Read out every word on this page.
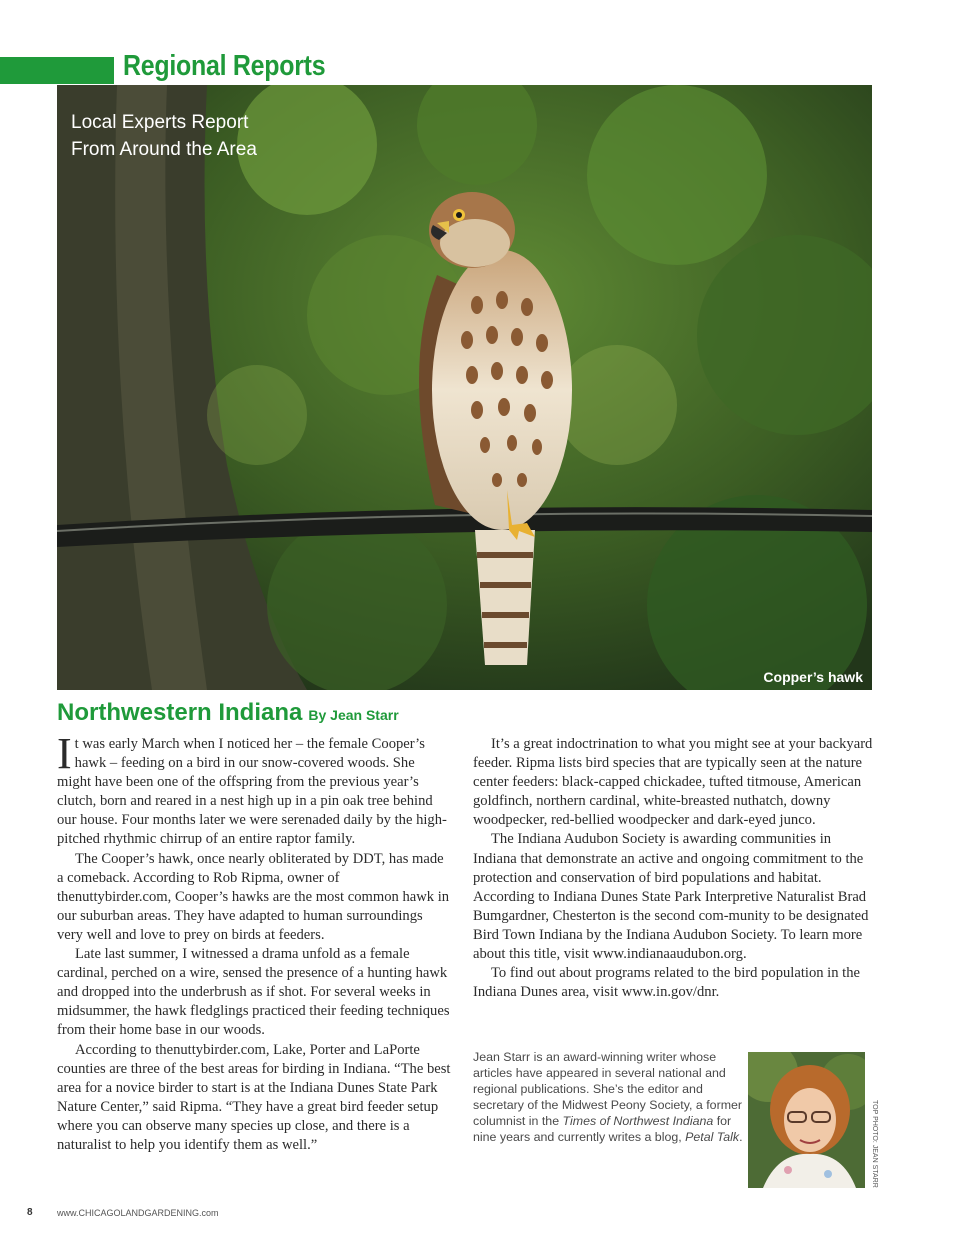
Regional Reports

Local Experts Report
From Around the Area

Copper’s hawk
Northwestern Indiana By Jean Starr

It was early March when I noticed her – the female Cooper’s hawk – feeding on a bird in our snow-covered woods. She might have been one of the offspring from the previous year’s clutch, born and reared in a nest high up in a pin oak tree behind our house. Four months later we were serenaded daily by the high-pitched rhythmic chirrup of an entire raptor family.

The Cooper’s hawk, once nearly obliterated by DDT, has made a comeback. According to Rob Ripma, owner of thenuttybirder.com, Cooper’s hawks are the most common hawk in our suburban areas. They have adapted to human surroundings very well and love to prey on birds at feeders.

Late last summer, I witnessed a drama unfold as a female cardinal, perched on a wire, sensed the presence of a hunting hawk and dropped into the underbrush as if shot. For several weeks in midsummer, the hawk fledglings practiced their feeding techniques from their home base in our woods.

According to thenuttybirder.com, Lake, Porter and LaPorte counties are three of the best areas for birding in Indiana. “The best area for a novice birder to start is at the Indiana Dunes State Park Nature Center,” said Ripma. “They have a great bird feeder setup where you can observe many species up close, and there is a naturalist to help you identify them as well.”

It’s a great indoctrination to what you might see at your backyard feeder. Ripma lists bird species that are typically seen at the nature center feeders: black-capped chickadee, tufted titmouse, American goldfinch, northern cardinal, white-breasted nuthatch, downy woodpecker, red-bellied woodpecker and dark-eyed junco.

The Indiana Audubon Society is awarding communities in Indiana that demonstrate an active and ongoing commitment to the protection and conservation of bird populations and habitat. According to Indiana Dunes State Park Interpretive Naturalist Brad Bumgardner, Chesterton is the second com-munity to be designated Bird Town Indiana by the Indiana Audubon Society. To learn more about this title, visit www.indianaaudubon.org.

To find out about programs related to the bird population in the Indiana Dunes area, visit www.in.gov/dnr.

Jean Starr is an award-winning writer whose articles have appeared in several national and regional publications. She’s the editor and secretary of the Midwest Peony Society, a former columnist in the Times of Northwest Indiana for nine years and currently writes a blog, Petal Talk.	TOP PHOTO: JEAN STARR
8	www.CHICAGOLANDGARDENING.com
